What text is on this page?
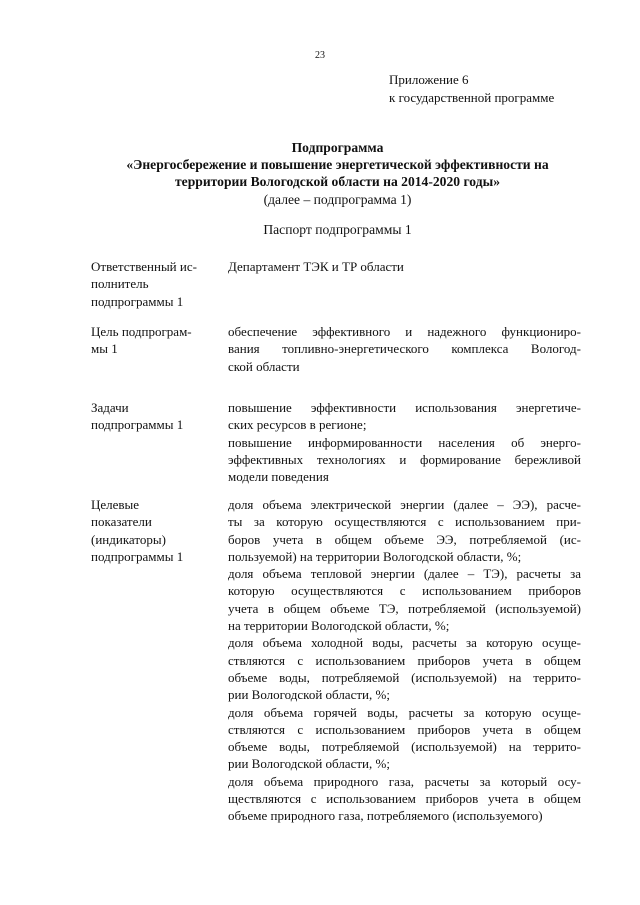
23
Приложение 6
к государственной программе
Подпрограмма
«Энергосбережение и повышение энергетической эффективности на
территории Вологодской области на 2014-2020 годы»
(далее – подпрограмма 1)
Паспорт подпрограммы 1
Ответственный ис-
полнитель
подпрограммы 1

Департамент ТЭК и ТР области

Цель подпрограм-
мы 1

обеспечение эффективного и надежного функциониро-
вания топливно-энергетического комплекса Вологод-
ской области

Задачи
подпрограммы 1

повышение эффективности использования энергетиче-
ских ресурсов в регионе;

повышение информированности населения об энерго-
эффективных технологиях и формирование бережливой
модели поведения

Целевые
показатели
(индикаторы)
подпрограммы 1

доля объема электрической энергии (далее – ЭЭ), расче-
ты за которую осуществляются с использованием при-
боров учета в общем объеме ЭЭ, потребляемой (ис-
пользуемой) на территории Вологодской области, %;

доля объема тепловой энергии (далее – ТЭ), расчеты за
которую осуществляются с использованием приборов
учета в общем объеме ТЭ, потребляемой (используемой)
на территории Вологодской области, %;

доля объема холодной воды, расчеты за которую осуще-
ствляются с использованием приборов учета в общем
объеме воды, потребляемой (используемой) на террито-
рии Вологодской области, %;

доля объема горячей воды, расчеты за которую осуще-
ствляются с использованием приборов учета в общем
объеме воды, потребляемой (используемой) на террито-
рии Вологодской области, %;

доля объема природного газа, расчеты за который осу-
ществляются с использованием приборов учета в общем
объеме природного газа, потребляемого (используемого)
